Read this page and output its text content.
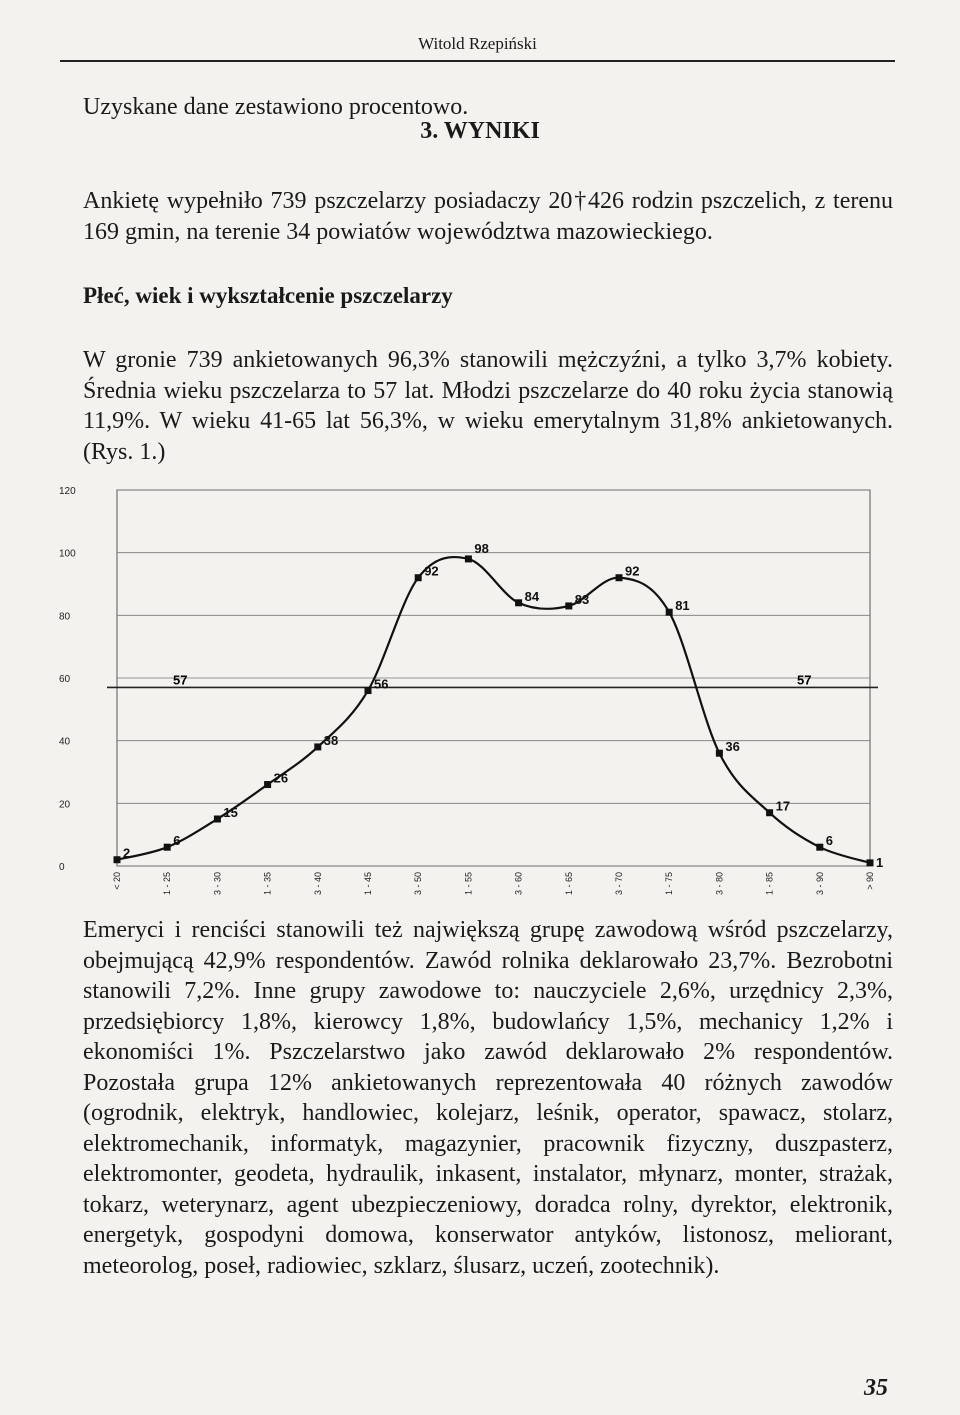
Witold Rzepiński

Uzyskane dane zestawiono procentowo.

3. WYNIKI

Ankietę wypełniło 739 pszczelarzy posiadaczy 20†426 rodzin pszczelich, z terenu 169 gmin, na terenie 34 powiatów województwa mazowieckiego.

Płeć, wiek i wykształcenie pszczelarzy

W gronie 739 ankietowanych 96,3% stanowili mężczyźni, a tylko 3,7% kobiety. Średnia wieku pszczelarza to 57 lat. Młodzi pszczelarze do 40 roku życia stanowią 11,9%. W wieku 41-65 lat 56,3%, w wieku emerytalnym 31,8% ankietowanych.(Rys. 1.)

0
20
40
60
80
100
120
57	57
2
6
15
26
38
56
92
98
84	83
92
81
36
17
6
1
< 20	1 - 25	3 - 30	1 - 35	3 - 40	1 - 45	3 - 50	1 - 55	3 - 60	1 - 65	3 - 70	1 - 75	3 - 80	1 - 85	3 - 90	> 90

Emeryci i renciści stanowili też największą grupę zawodową wśród pszczelarzy, obejmującą 42,9% respondentów. Zawód rolnika deklarowało 23,7%. Bezrobotni stanowili 7,2%. Inne grupy zawodowe to: nauczyciele 2,6%, urzędnicy 2,3%, przedsiębiorcy 1,8%, kierowcy 1,8%, budowlańcy 1,5%, mechanicy 1,2% i ekonomiści 1%. Pszczelarstwo jako zawód deklarowało 2% respondentów. Pozostała grupa 12% ankietowanych reprezentowała 40 różnych zawodów (ogrodnik, elektryk, handlowiec, kolejarz, leśnik, operator, spawacz, stolarz, elektromechanik, informatyk, magazynier, pracownik fizyczny, duszpasterz, elektromonter, geodeta, hydraulik, inkasent, instalator, młynarz, monter, strażak, tokarz, weterynarz, agent ubezpieczeniowy, doradca rolny, dyrektor, elektronik, energetyk, gospodyni domowa, konserwator antyków, listonosz, meliorant, meteorolog, poseł, radiowiec, szklarz, ślusarz, uczeń, zootechnik).

35
